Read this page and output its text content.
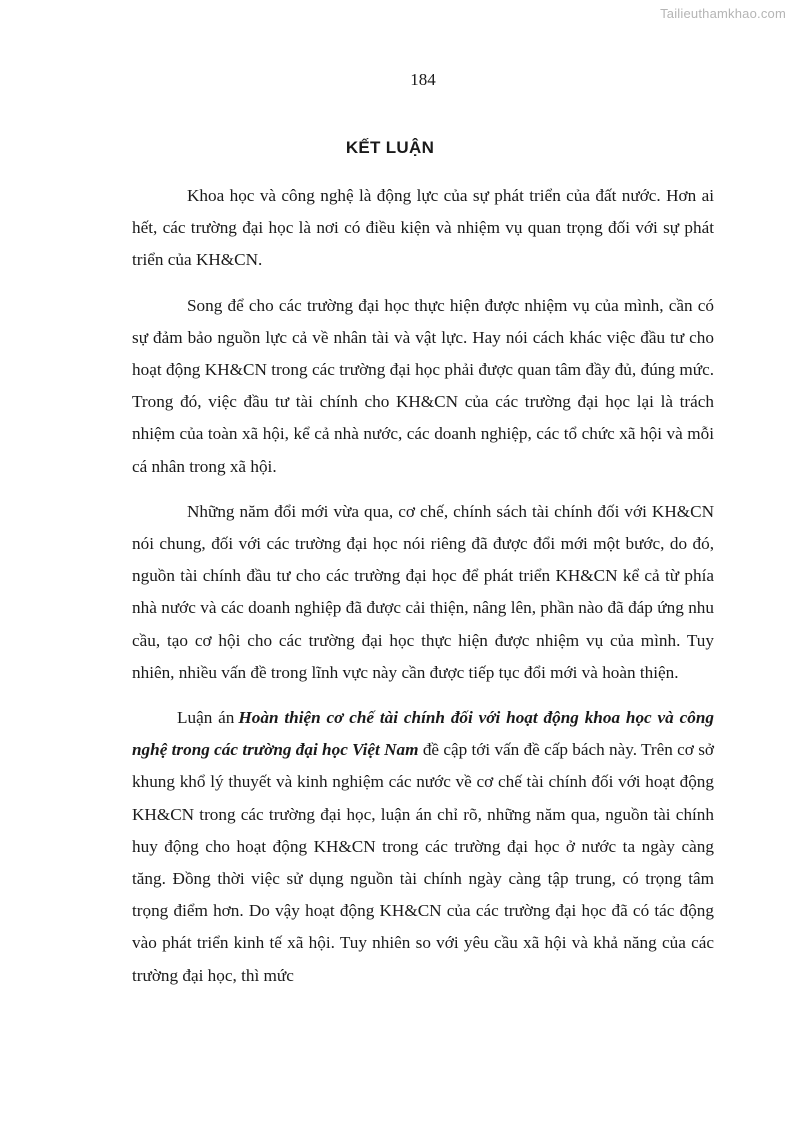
Tailieuthamkhao.com
184
KẾT LUẬN

Khoa học và công nghệ là động lực của sự phát triển của đất nước. Hơn ai hết, các trường đại học là nơi có điều kiện và nhiệm vụ quan trọng đối với sự phát triển của KH&CN.

Song để cho các trường đại học thực hiện được nhiệm vụ của mình, cần có sự đảm bảo nguồn lực cả về nhân tài và vật lực. Hay nói cách khác việc đầu tư cho hoạt động KH&CN trong các trường đại học phải được quan tâm đầy đủ, đúng mức. Trong đó, việc đầu tư tài chính cho KH&CN của các trường đại học lại là trách nhiệm của toàn xã hội, kể cả nhà nước, các doanh nghiệp, các tổ chức xã hội và mỗi cá nhân trong xã hội.

Những năm đổi mới vừa qua, cơ chế, chính sách tài chính đối với KH&CN nói chung, đối với các trường đại học nói riêng đã được đổi mới một bước, do đó, nguồn tài chính đầu tư cho các trường đại học để phát triển KH&CN kể cả từ phía nhà nước và các doanh nghiệp đã được cải thiện, nâng lên, phần nào đã đáp ứng nhu cầu, tạo cơ hội cho các trường đại học thực hiện được nhiệm vụ của mình. Tuy nhiên, nhiều vấn đề trong lĩnh vực này cần được tiếp tục đổi mới và hoàn thiện.

Luận án Hoàn thiện cơ chế tài chính đối với hoạt động khoa học và công nghệ trong các trường đại học Việt Nam đề cập tới vấn đề cấp bách này. Trên cơ sở khung khổ lý thuyết và kinh nghiệm các nước về cơ chế tài chính đối với hoạt động KH&CN trong các trường đại học, luận án chỉ rõ, những năm qua, nguồn tài chính huy động cho hoạt động KH&CN trong các trường đại học ở nước ta ngày càng tăng. Đồng thời việc sử dụng nguồn tài chính ngày càng tập trung, có trọng tâm trọng điểm hơn. Do vậy hoạt động KH&CN của các trường đại học đã có tác động vào phát triển kinh tế xã hội. Tuy nhiên so với yêu cầu xã hội và khả năng của các trường đại học, thì mức
